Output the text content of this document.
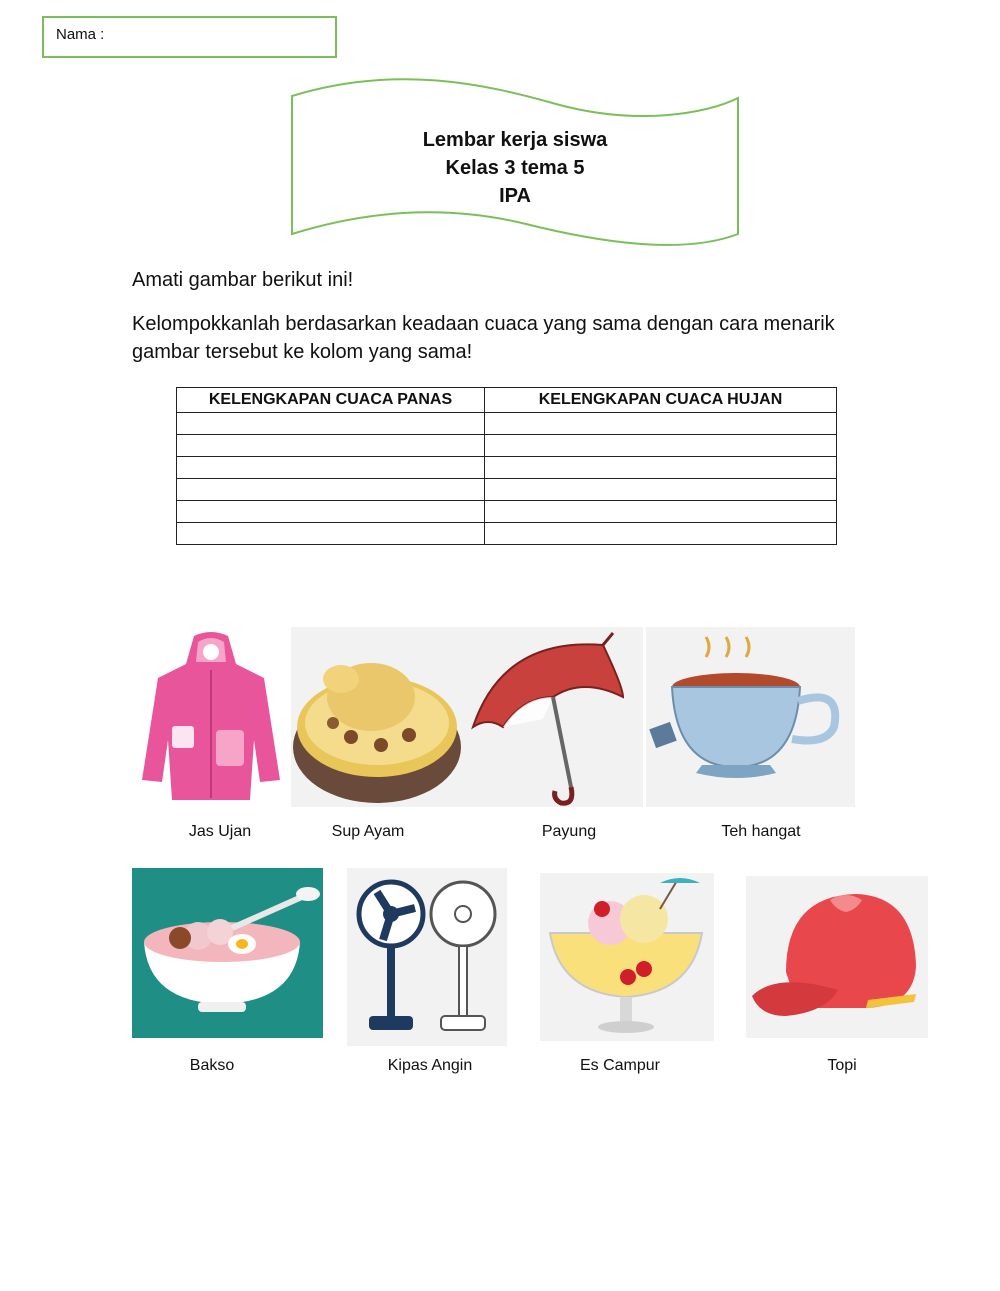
Nama :
Lembar kerja siswa
Kelas 3 tema 5
IPA
Amati gambar berikut ini!
Kelompokkanlah berdasarkan keadaan cuaca yang sama dengan cara menarik gambar tersebut ke kolom yang sama!
KELENGKAPAN CUACA PANAS	KELENGKAPAN CUACA HUJAN

Jas Ujan	Sup Ayam	Payung	Teh hangat
Bakso	Kipas Angin	Es Campur	Topi
